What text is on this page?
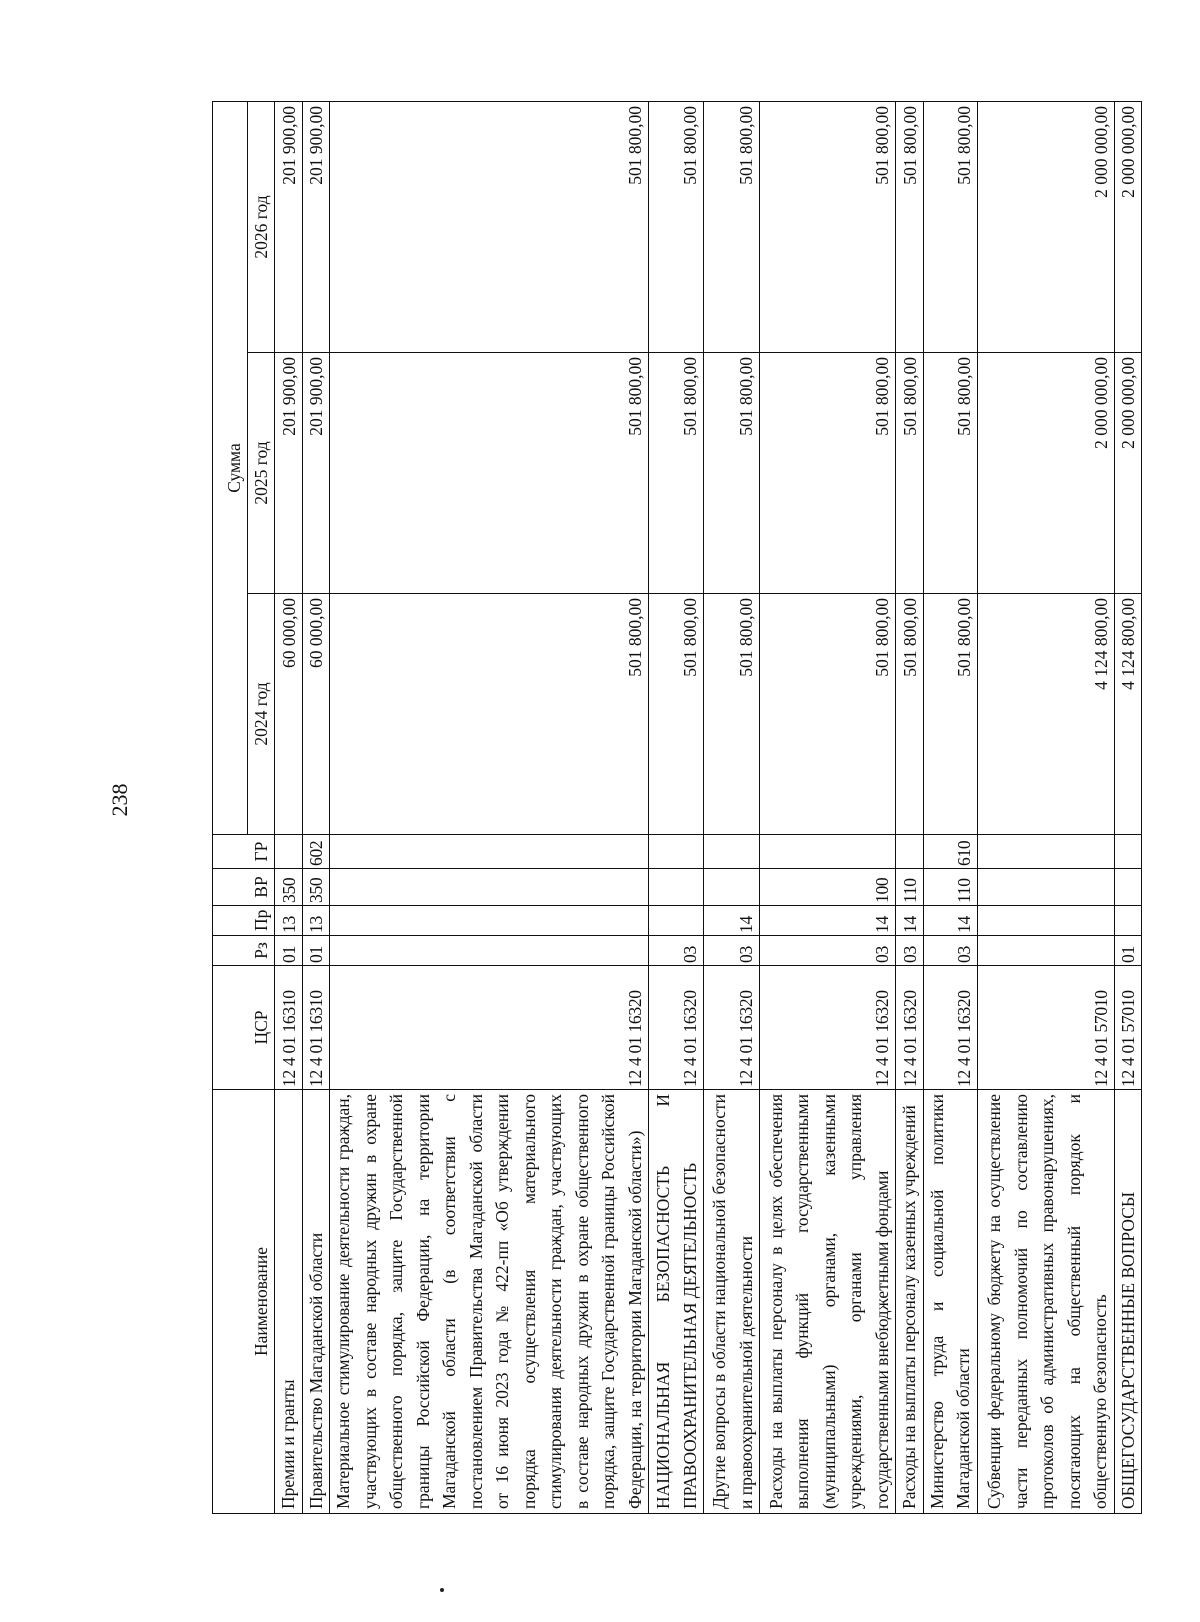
238
Наименование	ЦСР	Рз	Пр	ВР	ГР	Сумма		
						2024 год	2025 год	2026 год
Премии и гранты	12 4 01 16310	01	13	350		60 000,00	201 900,00	201 900,00
Правительство Магаданской области	12 4 01 16310	01	13	350	602	60 000,00	201 900,00	201 900,00
Материальное стимулирование деятельности граждан, участвующих в составе народных дружин в охране общественного порядка, защите Государственной границы Российской Федерации, на территории Магаданской области (в соответствии с постановлением Правительства Магаданской области от 16 июня 2023 года № 422-пп «Об утверждении порядка осуществления материального стимулирования деятельности граждан, участвующих в составе народных дружин в охране общественного порядка, защите Государственной границы Российской Федерации, на территории Магаданской области»)	12 4 01 16320					501 800,00	501 800,00	501 800,00
НАЦИОНАЛЬНАЯ БЕЗОПАСНОСТЬ И ПРАВООХРАНИТЕЛЬНАЯ ДЕЯТЕЛЬНОСТЬ	12 4 01 16320	03				501 800,00	501 800,00	501 800,00
Другие вопросы в области национальной безопасности и правоохранительной деятельности	12 4 01 16320	03	14			501 800,00	501 800,00	501 800,00
Расходы на выплаты персоналу в целях обеспечения выполнения функций государственными (муниципальными) органами, казенными учреждениями, органами управления государственными внебюджетными фондами	12 4 01 16320	03	14	100		501 800,00	501 800,00	501 800,00
Расходы на выплаты персоналу казенных учреждений	12 4 01 16320	03	14	110		501 800,00	501 800,00	501 800,00
Министерство труда и социальной политики Магаданской области	12 4 01 16320	03	14	110	610	501 800,00	501 800,00	501 800,00
Субвенции федеральному бюджету на осуществление части переданных полномочий по составлению протоколов об административных правонарушениях, посягающих на общественный порядок и общественную безопасность	12 4 01 57010					4 124 800,00	2 000 000,00	2 000 000,00
ОБЩЕГОСУДАРСТВЕННЫЕ ВОПРОСЫ	12 4 01 57010	01				4 124 800,00	2 000 000,00	2 000 000,00
